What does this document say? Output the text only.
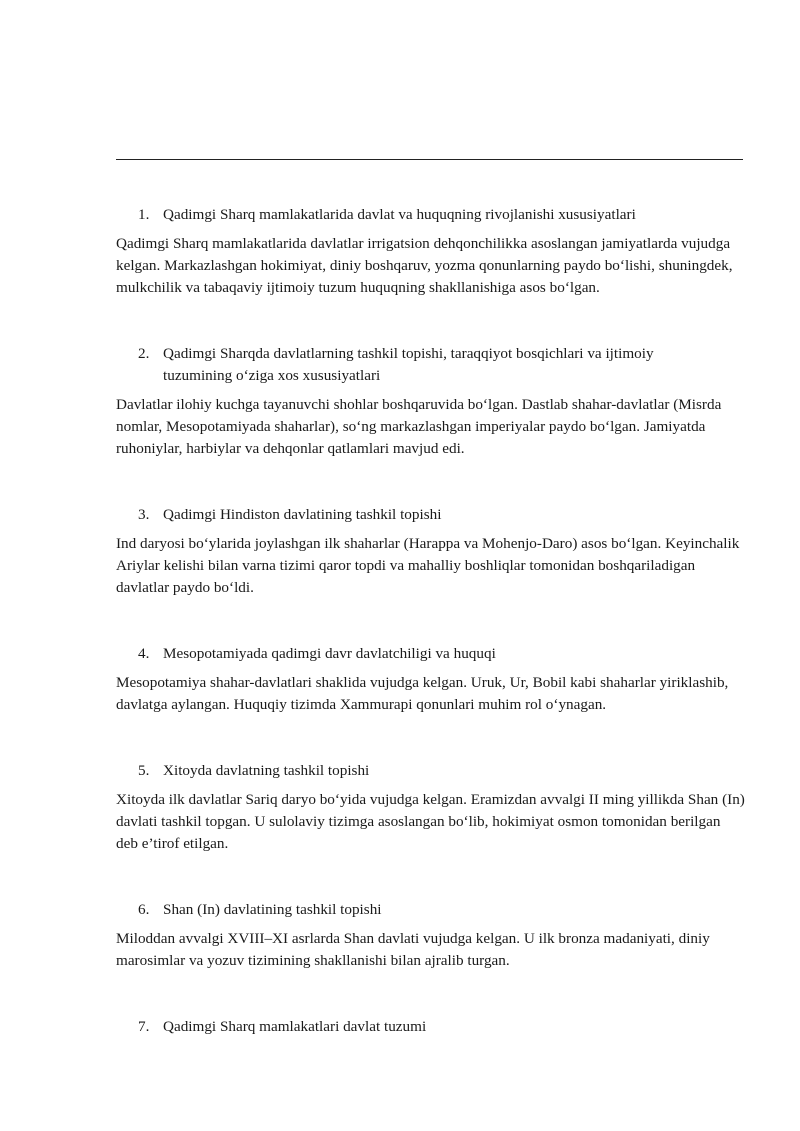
1. Qadimgi Sharq mamlakatlarida davlat va huquqning rivojlanishi xususiyatlari

Qadimgi Sharq mamlakatlarida davlatlar irrigatsion dehqonchilikka asoslangan jamiyatlarda vujudga kelgan. Markazlashgan hokimiyat, diniy boshqaruv, yozma qonunlarning paydo bo‘lishi, shuningdek, mulkchilik va tabaqaviy ijtimoiy tuzum huquqning shakllanishiga asos bo‘lgan.

2. Qadimgi Sharqda davlatlarning tashkil topishi, taraqqiyot bosqichlari va ijtimoiy tuzumining o‘ziga xos xususiyatlari

Davlatlar ilohiy kuchga tayanuvchi shohlar boshqaruvida bo‘lgan. Dastlab shahar-davlatlar (Misrda nomlar, Mesopotamiyada shaharlar), so‘ng markazlashgan imperiyalar paydo bo‘lgan. Jamiyatda ruhoniylar, harbiylar va dehqonlar qatlamlari mavjud edi.

3. Qadimgi Hindiston davlatining tashkil topishi

Ind daryosi bo‘ylarida joylashgan ilk shaharlar (Harappa va Mohenjo-Daro) asos bo‘lgan. Keyinchalik Ariylar kelishi bilan varna tizimi qaror topdi va mahalliy boshliqlar tomonidan boshqariladigan davlatlar paydo bo‘ldi.

4. Mesopotamiyada qadimgi davr davlatchiligi va huquqi

Mesopotamiya shahar-davlatlari shaklida vujudga kelgan. Uruk, Ur, Bobil kabi shaharlar yiriklashib, davlatga aylangan. Huquqiy tizimda Xammurapi qonunlari muhim rol o‘ynagan.

5. Xitoyda davlatning tashkil topishi

Xitoyda ilk davlatlar Sariq daryo bo‘yida vujudga kelgan. Eramizdan avvalgi II ming yillikda Shan (In) davlati tashkil topgan. U sulolaviy tizimga asoslangan bo‘lib, hokimiyat osmon tomonidan berilgan deb e’tirof etilgan.

6. Shan (In) davlatining tashkil topishi

Miloddan avvalgi XVIII–XI asrlarda Shan davlati vujudga kelgan. U ilk bronza madaniyati, diniy marosimlar va yozuv tizimining shakllanishi bilan ajralib turgan.

7. Qadimgi Sharq mamlakatlari davlat tuzumi
